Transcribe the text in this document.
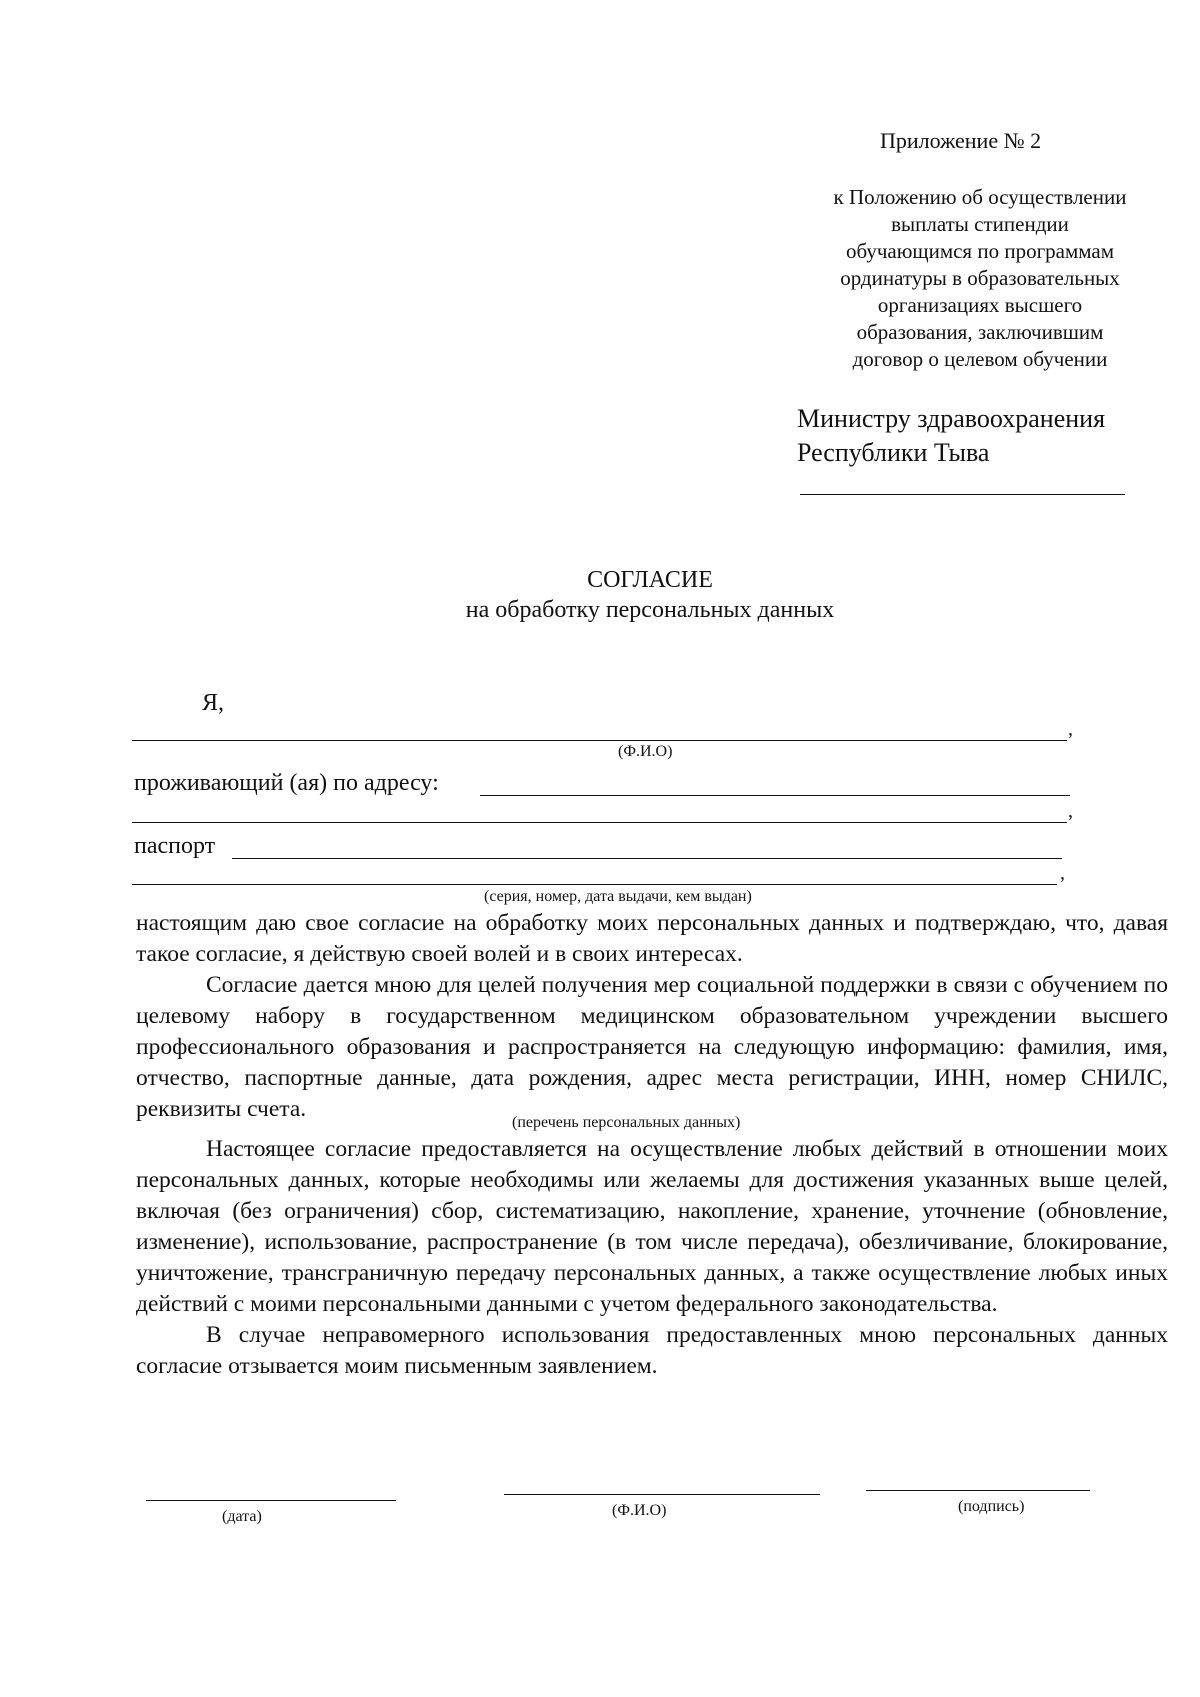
Приложение № 2
к Положению об осуществлении
выплаты стипендии
обучающимся по программам
ординатуры в образовательных
организациях высшего
образования, заключившим
договор о целевом обучении
Министру здравоохранения
Республики Тыва
СОГЛАСИЕ
на обработку персональных данных
Я,
,
(Ф.И.О)
проживающий (ая) по адресу:
,
паспорт
,
(серия, номер, дата выдачи, кем выдан)

настоящим даю свое согласие на обработку моих персональных данных и подтверждаю, что, давая такое согласие, я действую своей волей и в своих интересах.

Согласие дается мною для целей получения мер социальной поддержки в связи с обучением по целевому набору в государственном медицинском образовательном учреждении высшего профессионального образования и распространяется на следующую информацию: фамилия, имя, отчество, паспортные данные, дата рождения, адрес места регистрации, ИНН, номер СНИЛС, реквизиты счета.

(перечень персональных данных)

Настоящее согласие предоставляется на осуществление любых действий в отношении моих персональных данных, которые необходимы или желаемы для достижения указанных выше целей, включая (без ограничения) сбор, систематизацию, накопление, хранение, уточнение (обновление, изменение), использование, распространение (в том числе передача), обезличивание, блокирование, уничтожение, трансграничную передачу персональных данных, а также осуществление любых иных действий с моими персональными данными с учетом федерального законодательства.

В случае неправомерного использования предоставленных мною персональных данных согласие отзывается моим письменным заявлением.

(дата)	(Ф.И.О)	(подпись)
